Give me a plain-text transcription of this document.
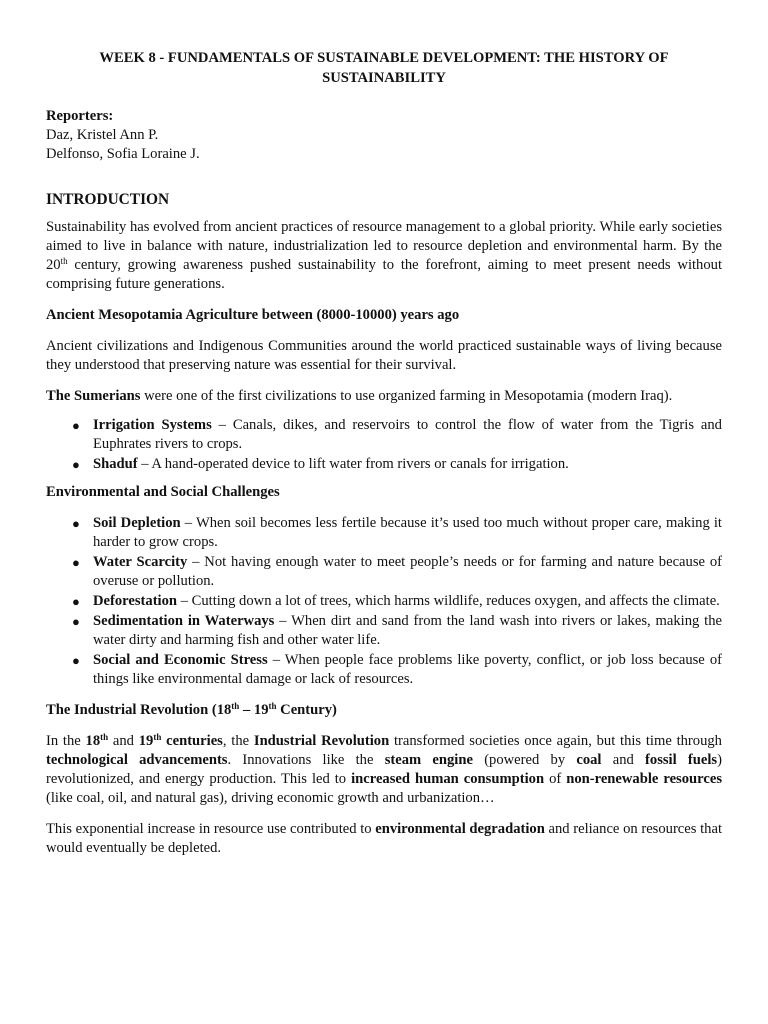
WEEK 8 - FUNDAMENTALS OF SUSTAINABLE DEVELOPMENT: THE HISTORY OF SUSTAINABILITY

Reporters:

Daz, Kristel Ann P.

Delfonso, Sofia Loraine J.

INTRODUCTION

Sustainability has evolved from ancient practices of resource management to a global priority. While early societies aimed to live in balance with nature, industrialization led to resource depletion and environmental harm. By the 20th century, growing awareness pushed sustainability to the forefront, aiming to meet present needs without comprising future generations.

Ancient Mesopotamia Agriculture between (8000-10000) years ago

Ancient civilizations and Indigenous Communities around the world practiced sustainable ways of living because they understood that preserving nature was essential for their survival.

The Sumerians were one of the first civilizations to use organized farming in Mesopotamia (modern Iraq).

● Irrigation Systems – Canals, dikes, and reservoirs to control the flow of water from the Tigris and Euphrates rivers to crops.
● Shaduf – A hand-operated device to lift water from rivers or canals for irrigation.

Environmental and Social Challenges

● Soil Depletion – When soil becomes less fertile because it’s used too much without proper care, making it harder to grow crops.
● Water Scarcity – Not having enough water to meet people’s needs or for farming and nature because of overuse or pollution.
● Deforestation – Cutting down a lot of trees, which harms wildlife, reduces oxygen, and affects the climate.
● Sedimentation in Waterways – When dirt and sand from the land wash into rivers or lakes, making the water dirty and harming fish and other water life.
● Social and Economic Stress – When people face problems like poverty, conflict, or job loss because of things like environmental damage or lack of resources.

The Industrial Revolution (18th – 19th Century)

In the 18th and 19th centuries, the Industrial Revolution transformed societies once again, but this time through technological advancements. Innovations like the steam engine (powered by coal and fossil fuels) revolutionized, and energy production. This led to increased human consumption of non-renewable resources (like coal, oil, and natural gas), driving economic growth and urbanization…

This exponential increase in resource use contributed to environmental degradation and reliance on resources that would eventually be depleted.
